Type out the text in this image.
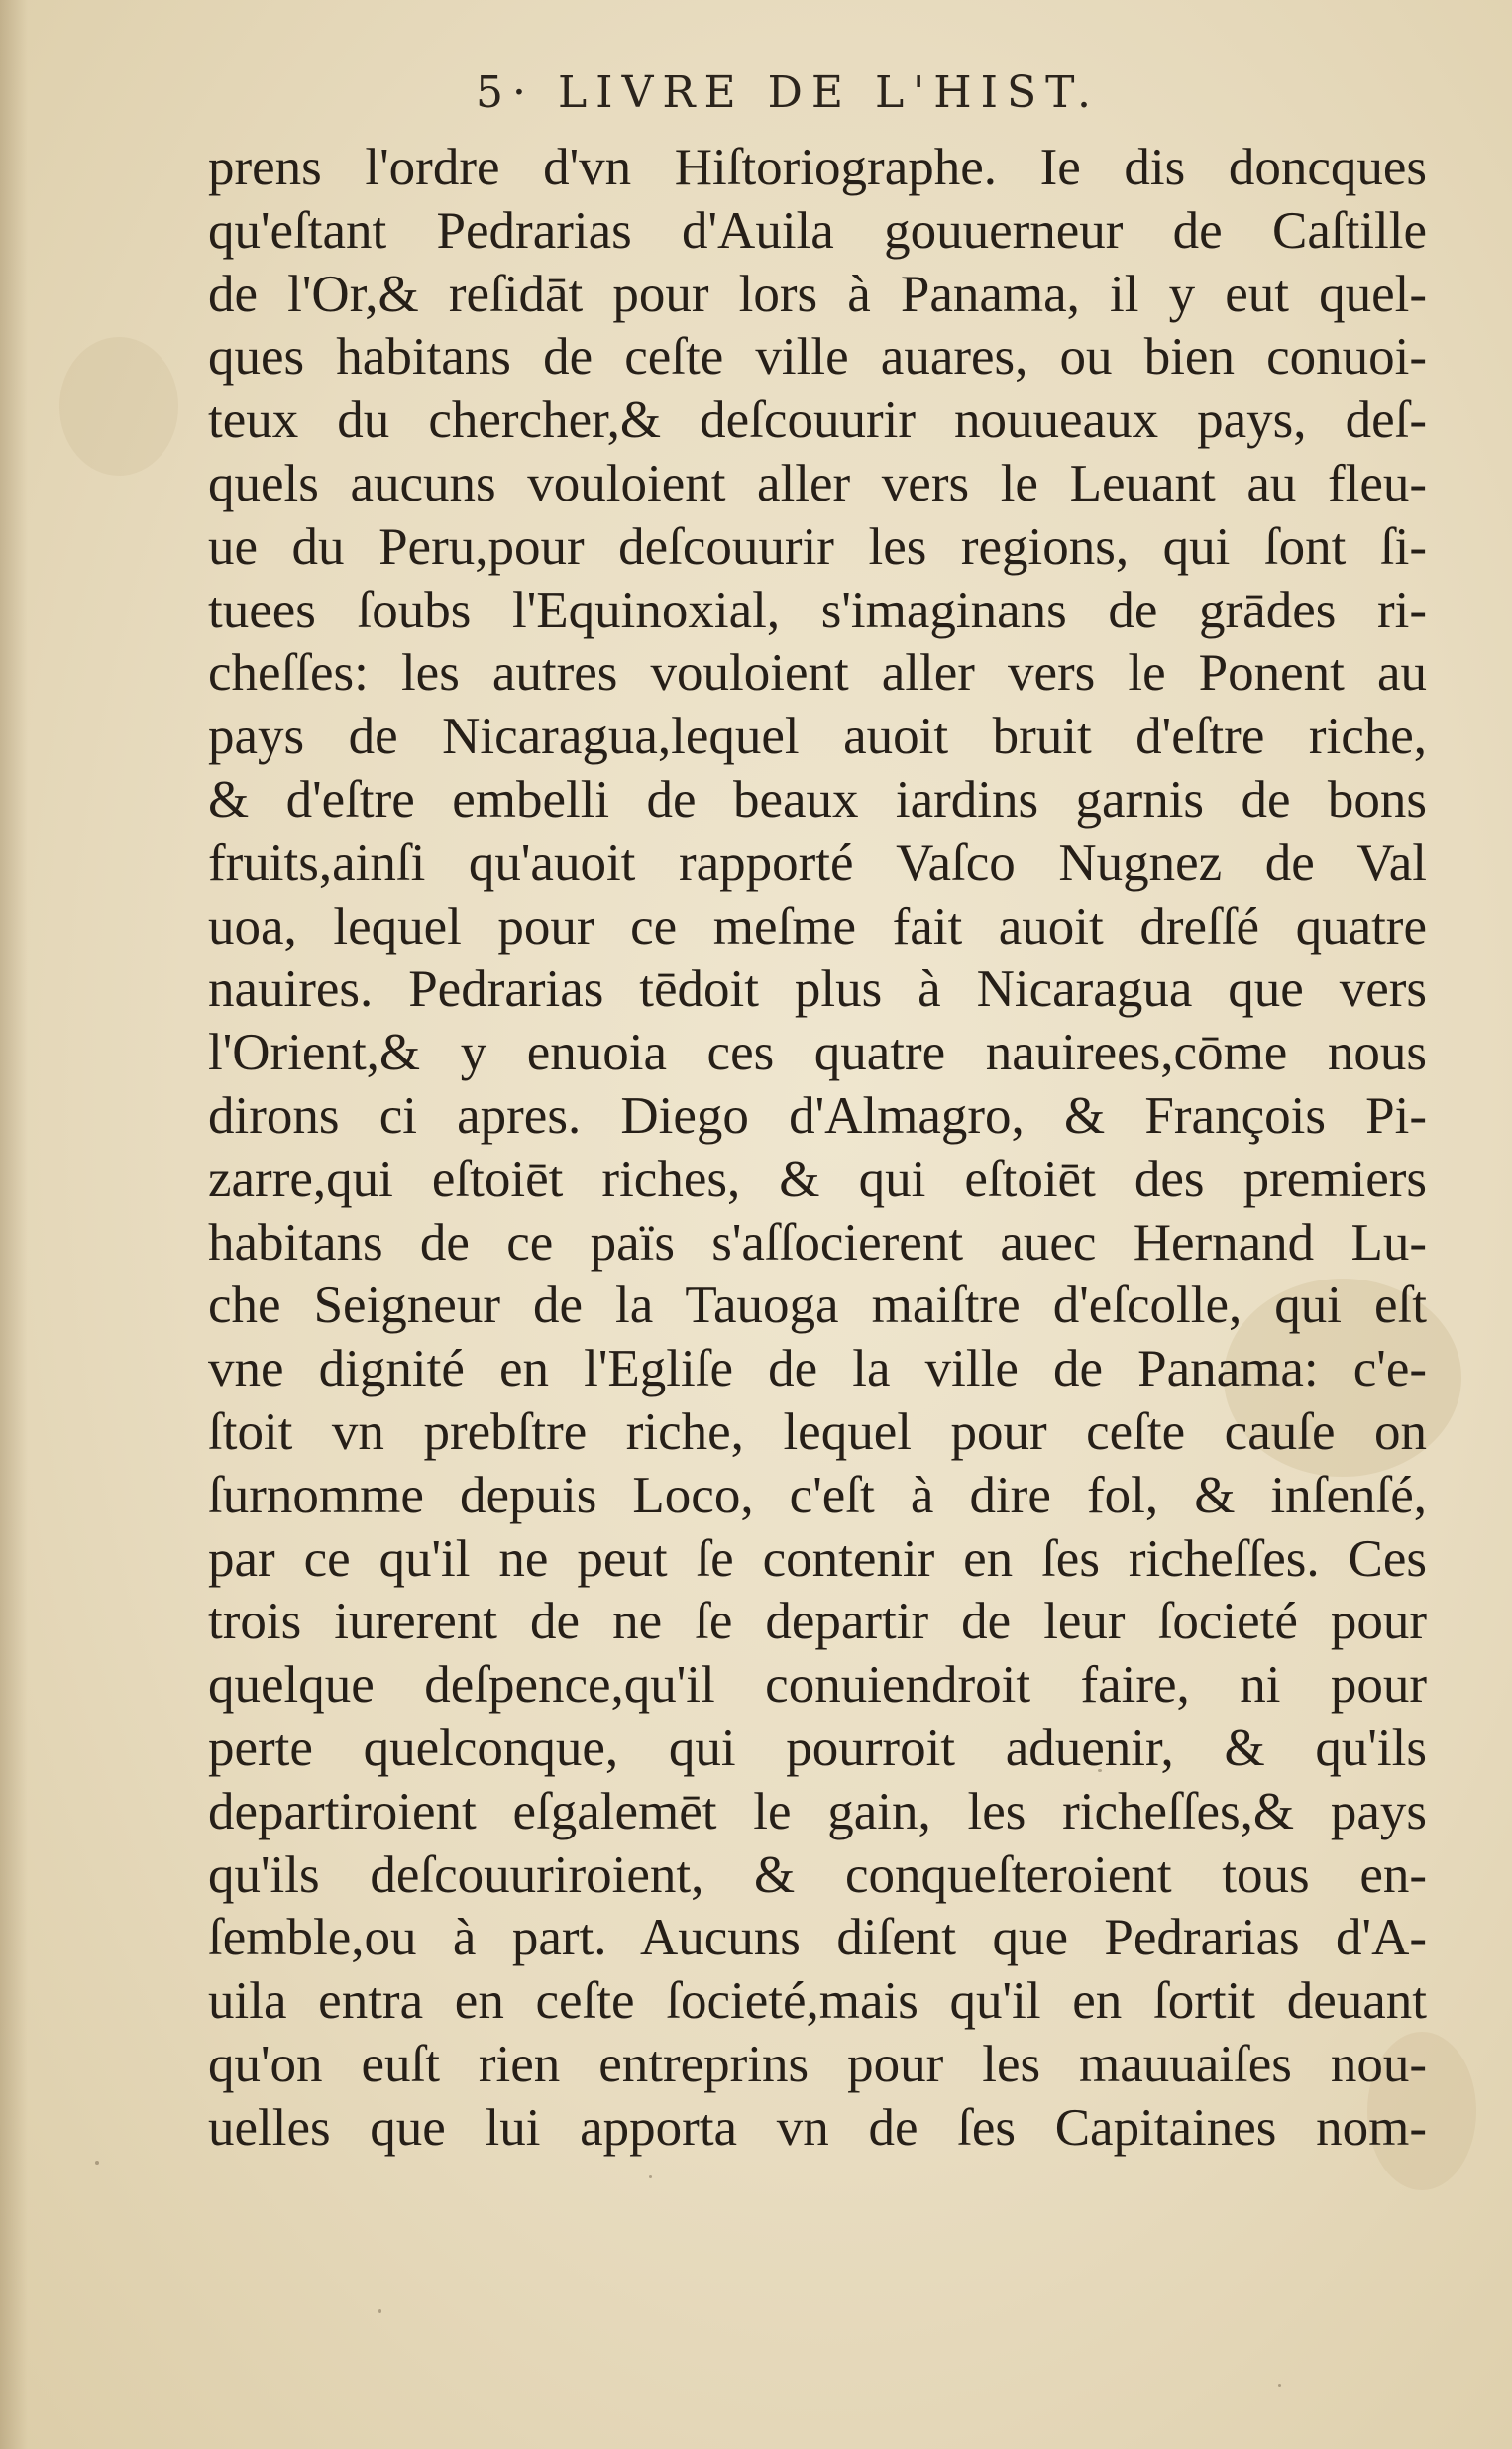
5· LIVRE DE L'HIST.
prens l'ordre d'vn Hiſtoriographe. Ie dis doncques
qu'eſtant Pedrarias d'Auila gouuerneur de Caſtille
de l'Or,& reſidāt pour lors à Panama, il y eut quel-
ques habitans de ceſte ville auares, ou bien conuoi-
teux du chercher,& deſcouurir nouueaux pays, deſ-
quels aucuns vouloient aller vers le Leuant au fleu-
ue du Peru,pour deſcouurir les regions, qui ſont ſi-
tuees ſoubs l'Equinoxial, s'imaginans de grādes ri-
cheſſes: les autres vouloient aller vers le Ponent au
pays de Nicaragua,lequel auoit bruit d'eſtre riche,
& d'eſtre embelli de beaux iardins garnis de bons
fruits,ainſi qu'auoit rapporté Vaſco Nugnez de Val
uoa, lequel pour ce meſme fait auoit dreſſé quatre
nauires. Pedrarias tēdoit plus à Nicaragua que vers
l'Orient,& y enuoia ces quatre nauirees,cōme nous
dirons ci apres. Diego d'Almagro, & François Pi-
zarre,qui eſtoiēt riches, & qui eſtoiēt des premiers
habitans de ce païs s'aſſocierent auec Hernand Lu-
che Seigneur de la Tauoga maiſtre d'eſcolle, qui eſt
vne dignité en l'Egliſe de la ville de Panama: c'e-
ſtoit vn prebſtre riche, lequel pour ceſte cauſe on
ſurnomme depuis Loco, c'eſt à dire fol, & inſenſé,
par ce qu'il ne peut ſe contenir en ſes richeſſes. Ces
trois iurerent de ne ſe departir de leur ſocieté pour
quelque deſpence,qu'il conuiendroit faire, ni pour
perte quelconque, qui pourroit aduenir, & qu'ils
departiroient eſgalemēt le gain, les richeſſes,& pays
qu'ils deſcouuriroient, & conqueſteroient tous en-
ſemble,ou à part. Aucuns diſent que Pedrarias d'A-
uila entra en ceſte ſocieté,mais qu'il en ſortit deuant
qu'on euſt rien entreprins pour les mauuaiſes nou-
uelles que lui apporta vn de ſes Capitaines nom-
